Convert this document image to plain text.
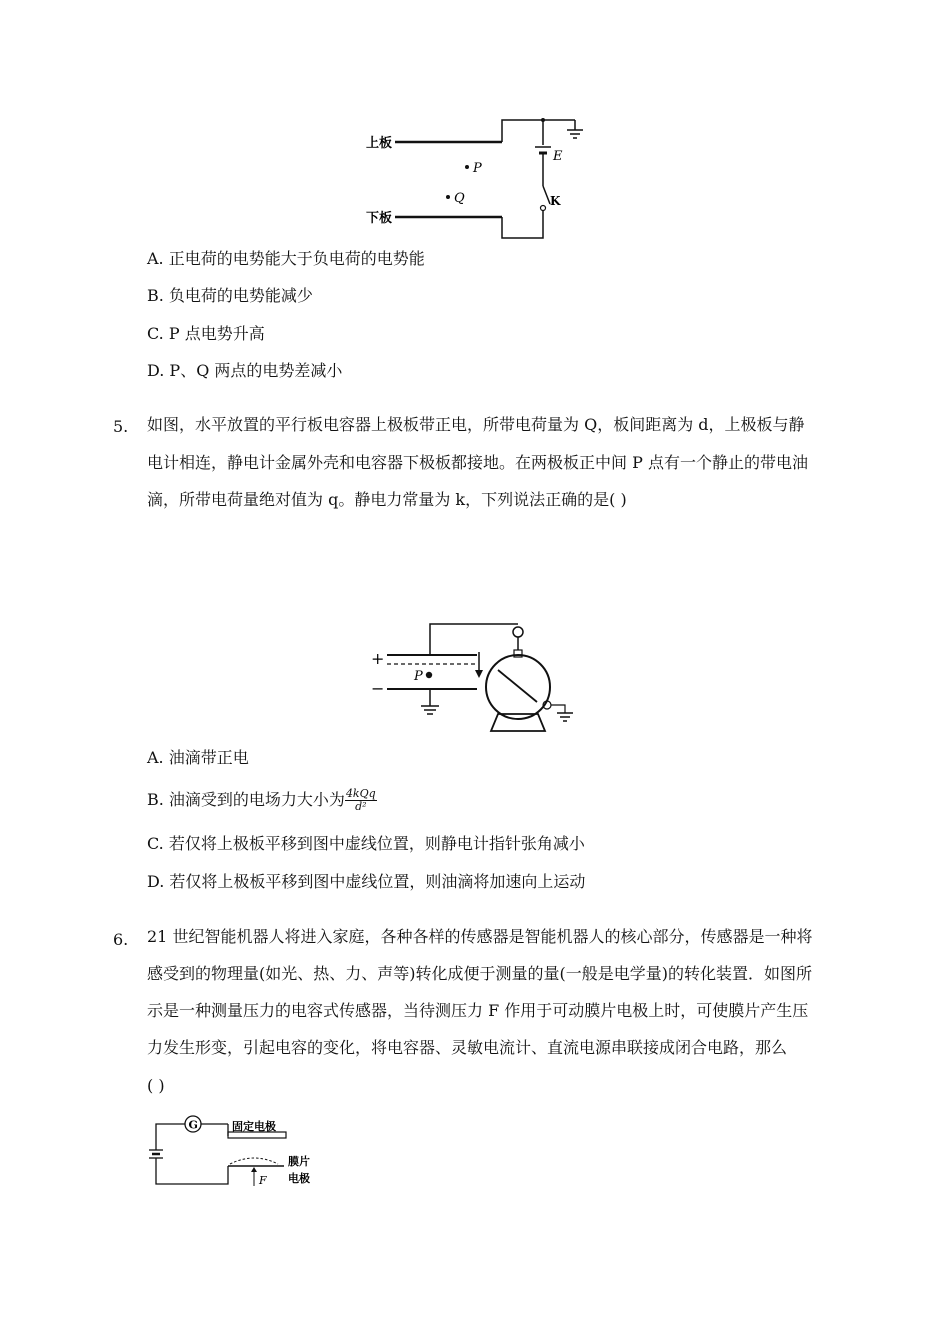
上板
下板
E
K
P
Q
A. 正电荷的电势能大于负电荷的电势能
B. 负电荷的电势能减少
C. P 点电势升高
D. P、Q 两点的电势差减小
5. 如图，水平放置的平行板电容器上极板带正电，所带电荷量为 Q，板间距离为 d，上极板与静
电计相连，静电计金属外壳和电容器下极板都接地。在两极板正中间 P 点有一个静止的带电油
滴，所带电荷量绝对值为 q。静电力常量为 k，下列说法正确的是( )
+
−
P
A. 油滴带正电
B. 油滴受到的电场力大小为 $\frac{\text{4kQq}}{\text{d²}}$
C. 若仅将上极板平移到图中虚线位置，则静电计指针张角减小
D. 若仅将上极板平移到图中虚线位置，则油滴将加速向上运动
6. 21 世纪智能机器人将进入家庭，各种各样的传感器是智能机器人的核心部分，传感器是一种将
感受到的物理量(如光、热、力、声等)转化成便于测量的量(一般是电学量)的转化装置．如图所
示是一种测量压力的电容式传感器，当待测压力 F 作用于可动膜片电极上时，可使膜片产生压
力发生形变，引起电容的变化，将电容器、灵敏电流计、直流电源串联接成闭合电路，那么
( )
G	固定电极
膜片
电极
F
